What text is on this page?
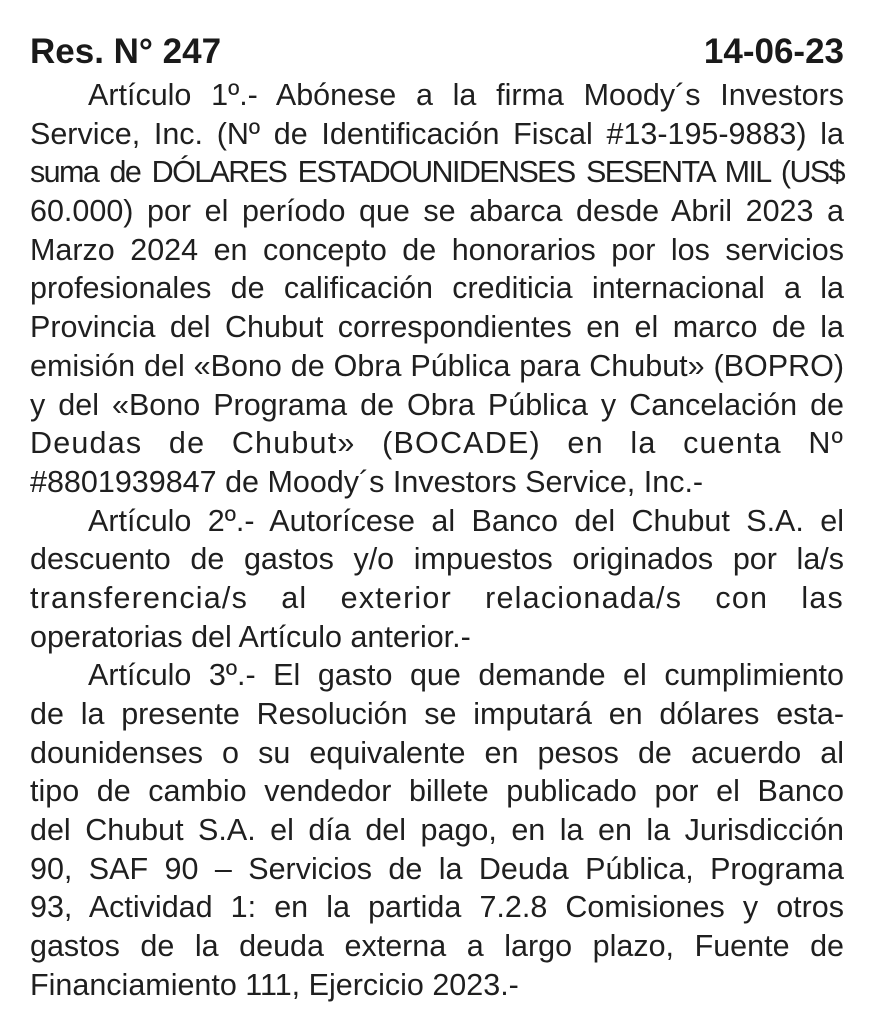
Res. N° 247	14-06-23
Artículo 1º.- Abónese a la firma Moody´s Investors
Service, Inc. (Nº de Identificación Fiscal #13-195-9883) la
suma de DÓLARES ESTADOUNIDENSES SESENTA MIL (US$
60.000) por el período que se abarca desde Abril 2023 a
Marzo 2024 en concepto de honorarios por los servicios
profesionales de calificación crediticia internacional a la
Provincia del Chubut correspondientes en el marco de la
emisión del «Bono de Obra Pública para Chubut» (BOPRO)
y del «Bono Programa de Obra Pública y Cancelación de
Deudas de Chubut» (BOCADE) en la cuenta Nº
#8801939847 de Moody´s Investors Service, Inc.-
Artículo 2º.- Autorícese al Banco del Chubut S.A. el
descuento de gastos y/o impuestos originados por la/s
transferencia/s al exterior relacionada/s con las
operatorias del Artículo anterior.-
Artículo 3º.- El gasto que demande el cumplimiento
de la presente Resolución se imputará en dólares esta-
dounidenses o su equivalente en pesos de acuerdo al
tipo de cambio vendedor billete publicado por el Banco
del Chubut S.A. el día del pago, en la en la Jurisdicción
90, SAF 90 – Servicios de la Deuda Pública, Programa
93, Actividad 1: en la partida 7.2.8 Comisiones y otros
gastos de la deuda externa a largo plazo, Fuente de
Financiamiento 111, Ejercicio 2023.-
